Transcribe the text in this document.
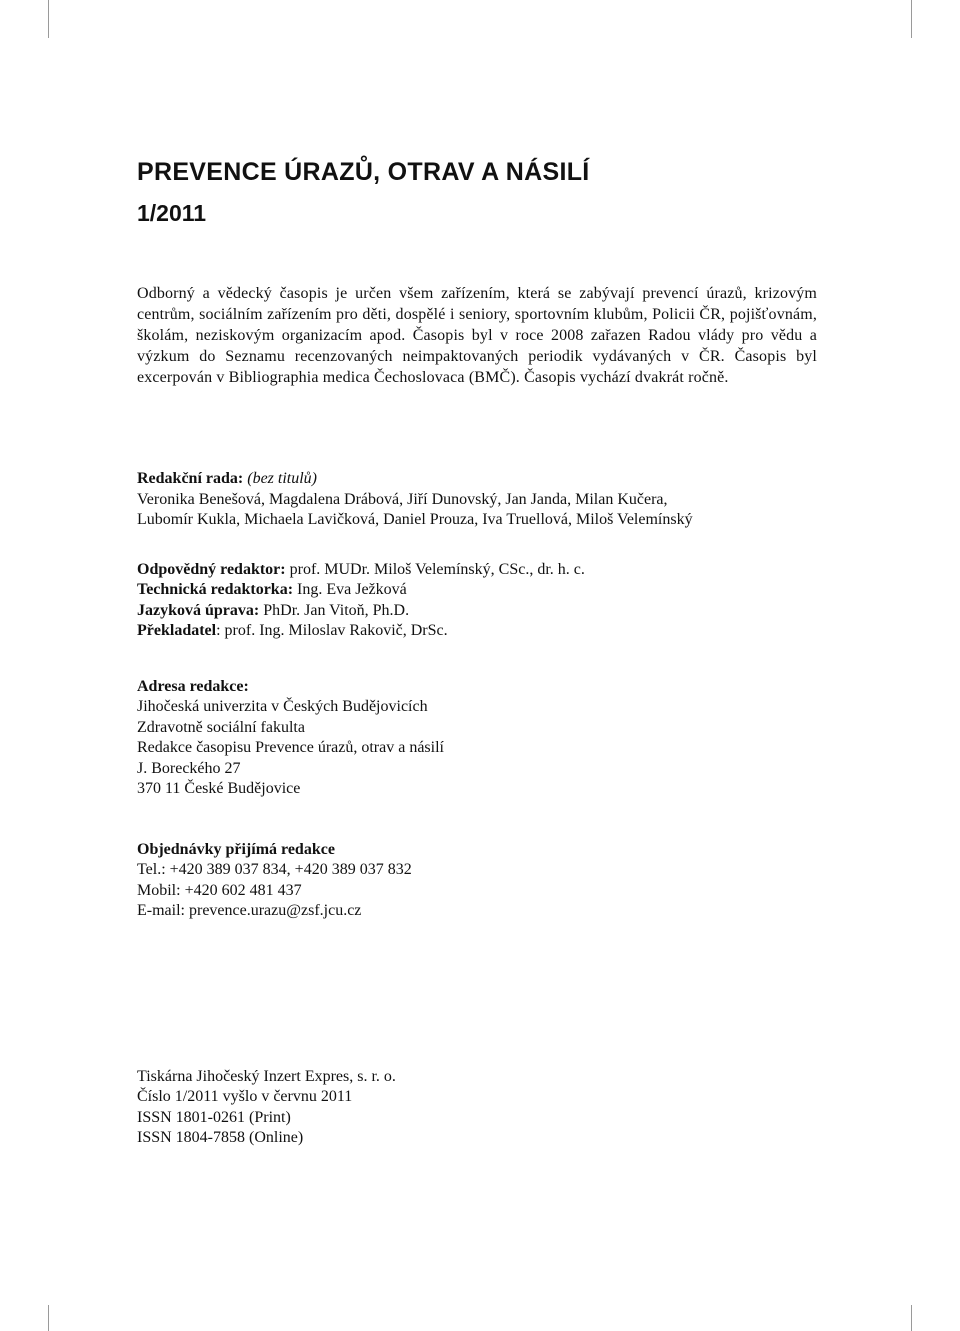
PREVENCE ÚRAZŮ, OTRAV A NÁSILÍ
1/2011

Odborný a vědecký časopis je určen všem zařízením, která se zabývají prevencí úrazů, krizovým centrům, sociálním zařízením pro děti, dospělé i seniory, sportovním klubům, Policii ČR, pojišťovnám, školám, neziskovým organizacím apod. Časopis byl v roce 2008 zařazen Radou vlády pro vědu a výzkum do Seznamu recenzovaných neimpaktovaných periodik vydávaných v ČR. Časopis byl excerpován v Bibliographia medica Čechoslovaca (BMČ). Časopis vychází dvakrát ročně.

Redakční rada: (bez titulů)
Veronika Benešová, Magdalena Drábová, Jiří Dunovský, Jan Janda, Milan Kučera,
Lubomír Kukla, Michaela Lavičková, Daniel Prouza, Iva Truellová, Miloš Velemínský
Odpovědný redaktor: prof. MUDr. Miloš Velemínský, CSc., dr. h. c.
Technická redaktorka: Ing. Eva Ježková
Jazyková úprava: PhDr. Jan Vitoň, Ph.D.
Překladatel: prof. Ing. Miloslav Rakovič, DrSc.
Adresa redakce:
Jihočeská univerzita v Českých Budějovicích
Zdravotně sociální fakulta
Redakce časopisu Prevence úrazů, otrav a násilí
J. Boreckého 27
370 11 České Budějovice
Objednávky přijímá redakce
Tel.: +420 389 037 834, +420 389 037 832
Mobil: +420 602 481 437
E-mail: prevence.urazu@zsf.jcu.cz
Tiskárna Jihočeský Inzert Expres, s. r. o.
Číslo 1/2011 vyšlo v červnu 2011
ISSN 1801-0261 (Print)
ISSN 1804-7858 (Online)
